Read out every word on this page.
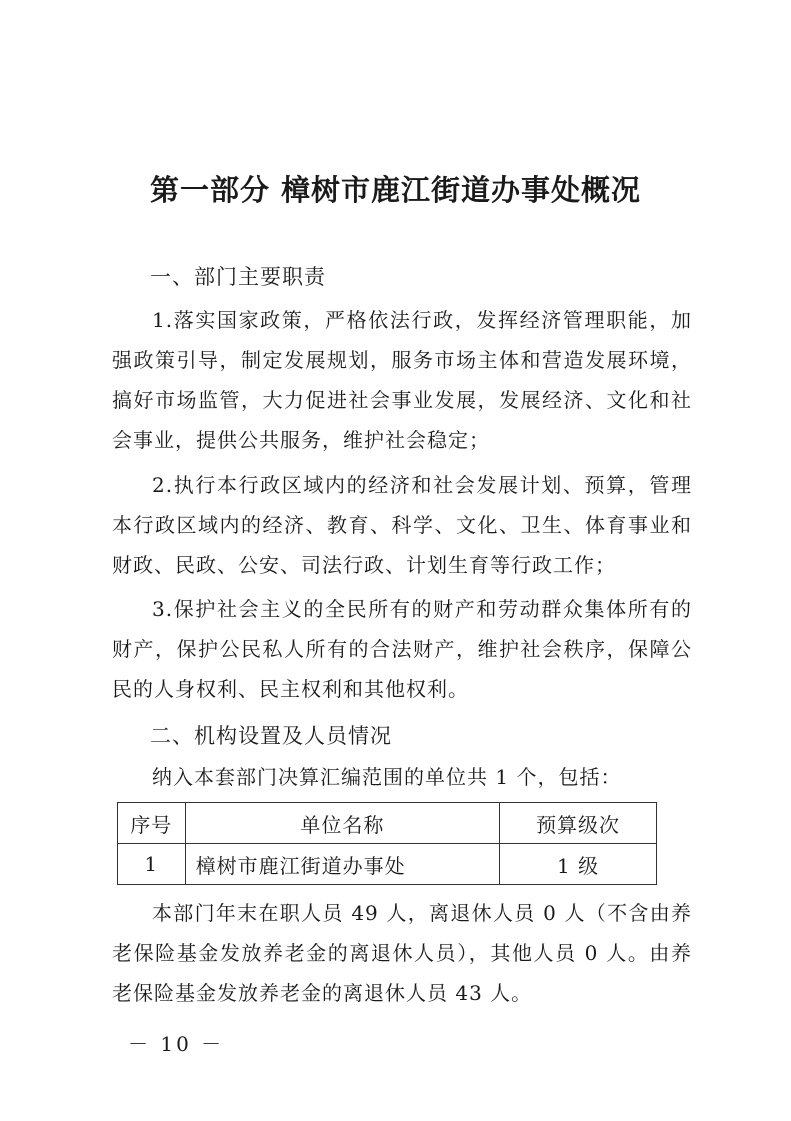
第一部分 樟树市鹿江街道办事处概况
一、部门主要职责

1.落实国家政策，严格依法行政，发挥经济管理职能，加强政策引导，制定发展规划，服务市场主体和营造发展环境，搞好市场监管，大力促进社会事业发展，发展经济、文化和社会事业，提供公共服务，维护社会稳定；

2.执行本行政区域内的经济和社会发展计划、预算，管理本行政区域内的经济、教育、科学、文化、卫生、体育事业和财政、民政、公安、司法行政、计划生育等行政工作；

3.保护社会主义的全民所有的财产和劳动群众集体所有的财产，保护公民私人所有的合法财产，维护社会秩序，保障公民的人身权利、民主权利和其他权利。

二、机构设置及人员情况
纳入本套部门决算汇编范围的单位共 1 个，包括：
序号	单位名称	预算级次
1	樟树市鹿江街道办事处	1 级

本部门年末在职人员 49 人，离退休人员 0 人（不含由养老保险基金发放养老金的离退休人员），其他人员 0 人。由养老保险基金发放养老金的离退休人员 43 人。

－ 10 －
